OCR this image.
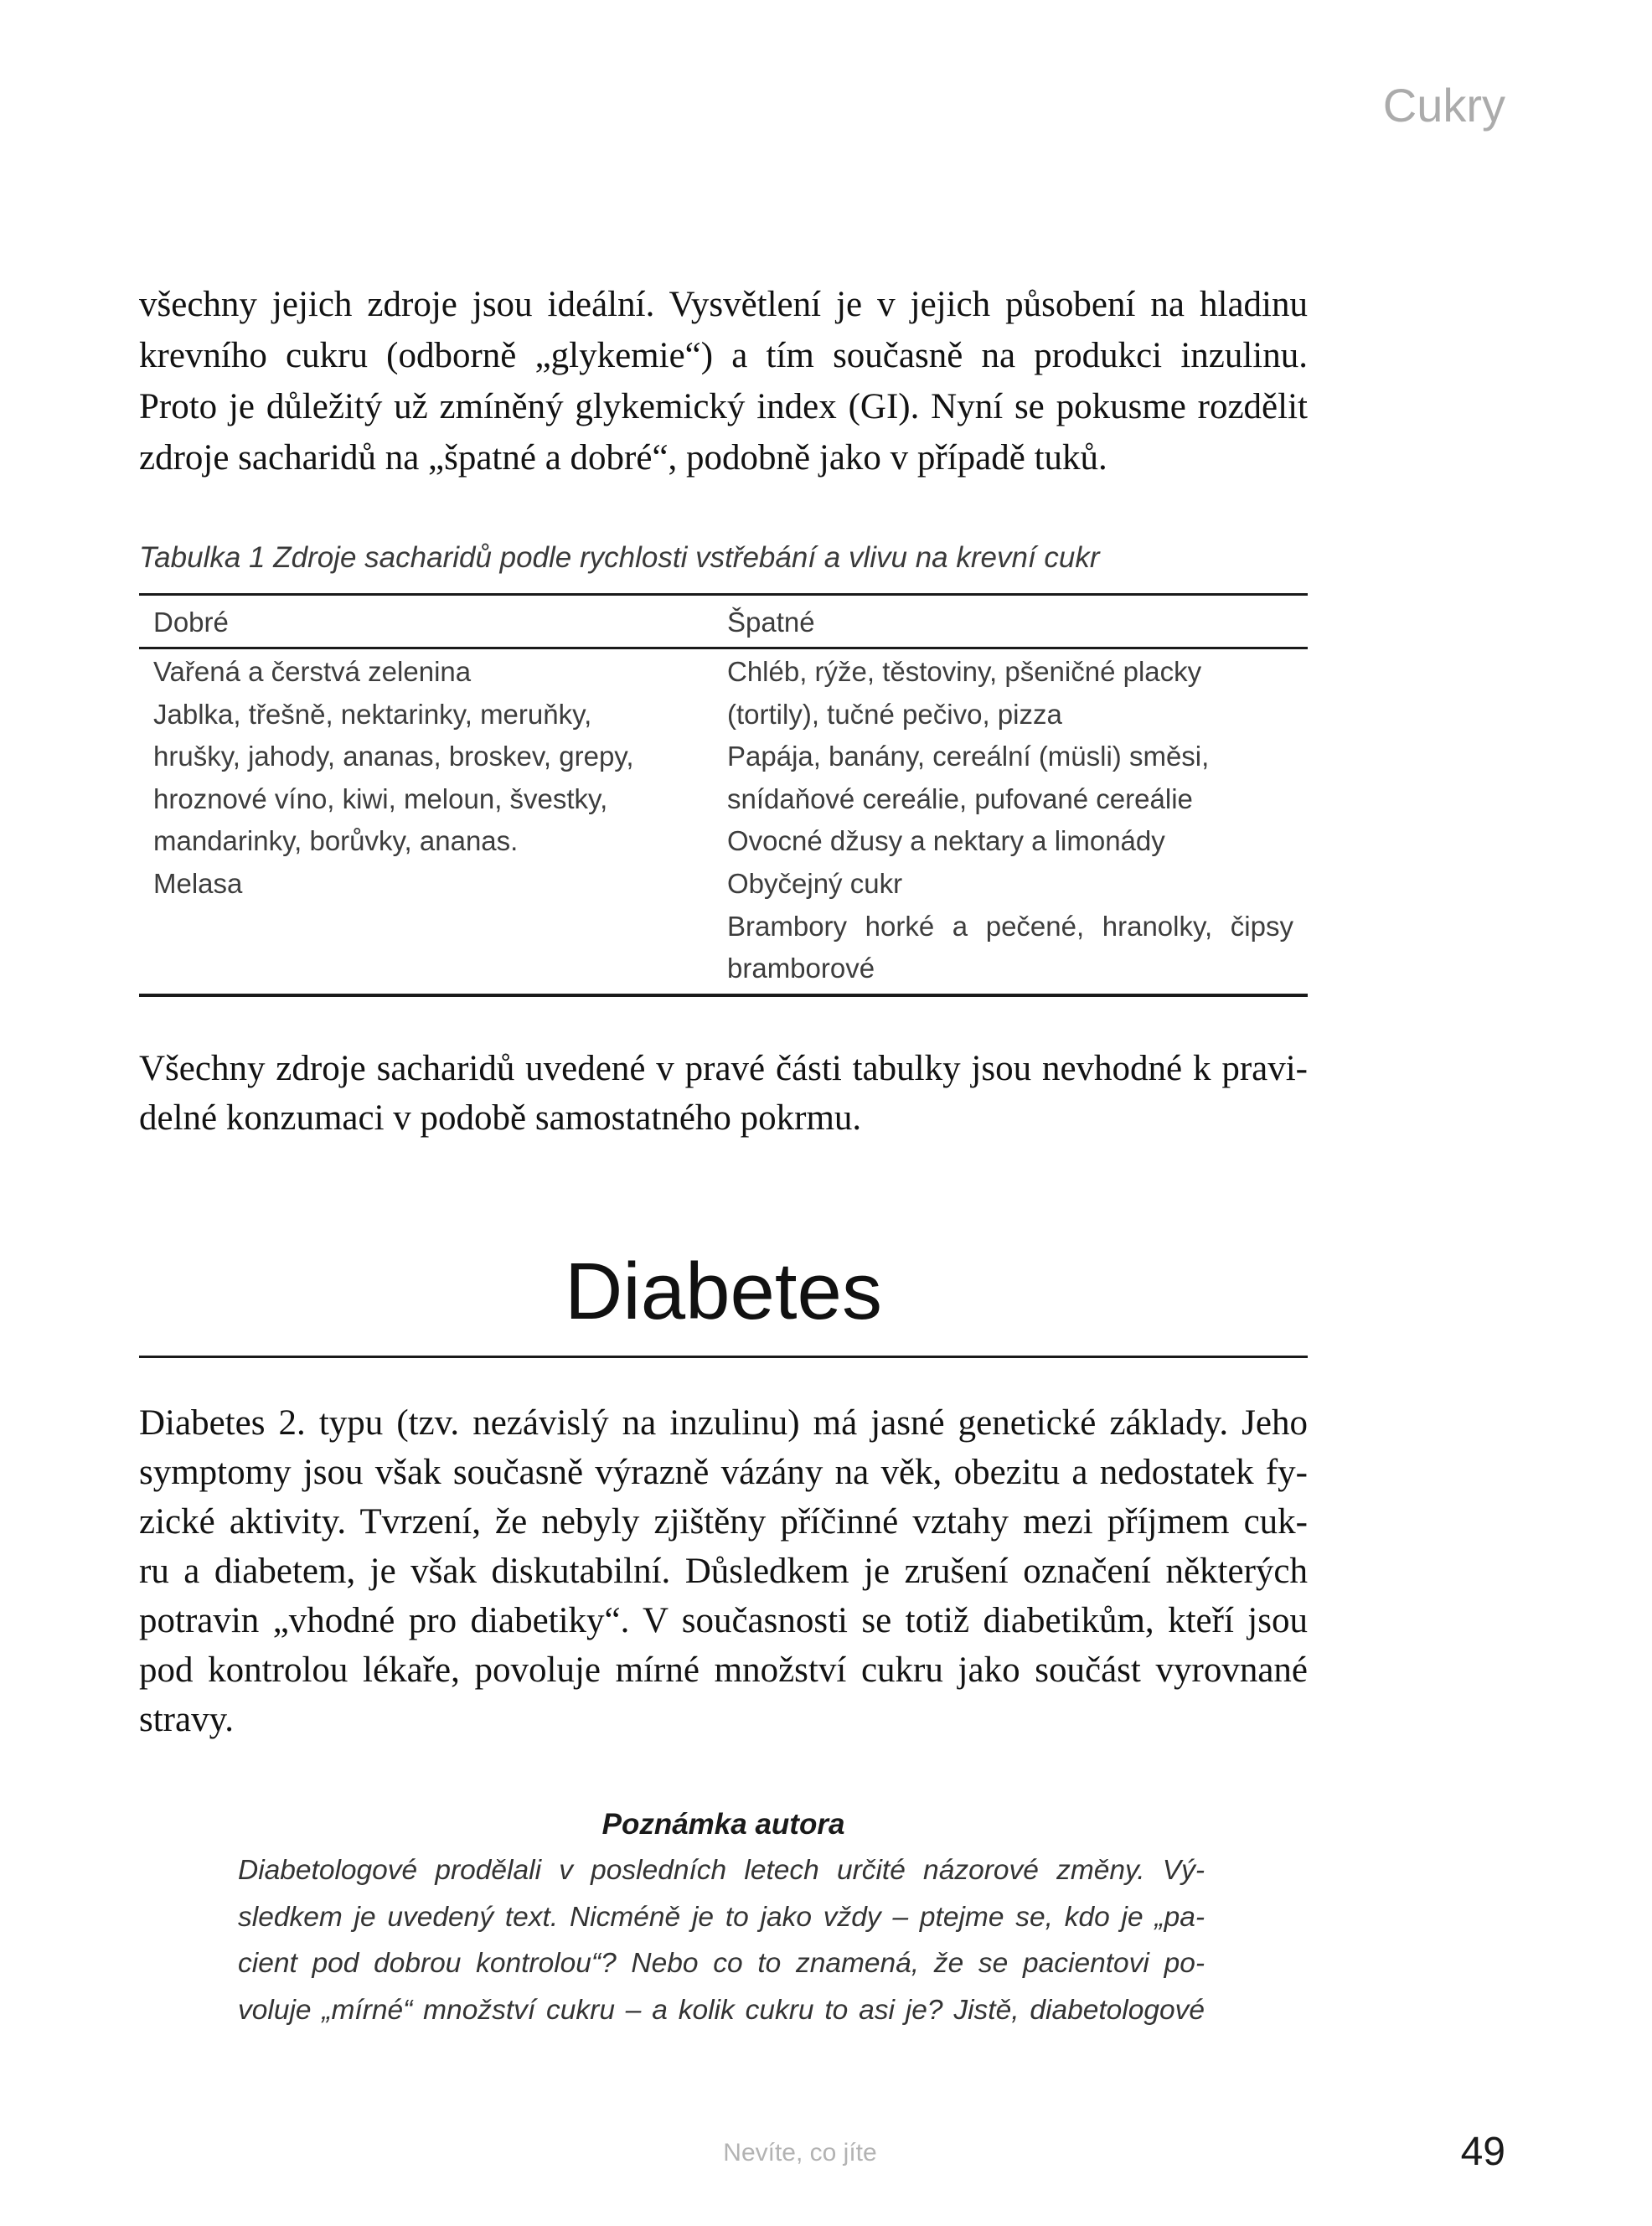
Cukry
všechny jejich zdroje jsou ideální. Vysvětlení je v jejich působení na hladinu
krevního cukru (odborně „glykemie“) a tím současně na produkci inzulinu.
Proto je důležitý už zmíněný glykemický index (GI). Nyní se pokusme rozdělit
zdroje sacharidů na „špatné a dobré“, podobně jako v případě tuků.
Tabulka 1 Zdroje sacharidů podle rychlosti vstřebání a vlivu na krevní cukr
Dobré	Špatné
Vařená a čerstvá zelenina
Jablka, třešně, nektarinky, meruňky,
hrušky, jahody, ananas, broskev, grepy,
hroznové víno, kiwi, meloun, švestky,
mandarinky, borůvky, ananas.
Melasa
Chléb, rýže, těstoviny, pšeničné placky
(tortily), tučné pečivo, pizza
Papája, banány, cereální (müsli) směsi,
snídaňové cereálie, pufované cereálie
Ovocné džusy a nektary a limonády
Obyčejný cukr
Brambory horké a pečené, hranolky, čipsy
bramborové
Všechny zdroje sacharidů uvedené v pravé části tabulky jsou nevhodné k pravi-
delné konzumaci v podobě samostatného pokrmu.
Diabetes
Diabetes 2. typu (tzv. nezávislý na inzulinu) má jasné genetické základy. Jeho
symptomy jsou však současně výrazně vázány na věk, obezitu a nedostatek fy-
zické aktivity. Tvrzení, že nebyly zjištěny příčinné vztahy mezi příjmem cuk-
ru a diabetem, je však diskutabilní. Důsledkem je zrušení označení některých
potravin „vhodné pro diabetiky“. V současnosti se totiž diabetikům, kteří jsou
pod kontrolou lékaře, povoluje mírné množství cukru jako součást vyrovnané
stravy.
Poznámka autora
Diabetologové prodělali v posledních letech určité názorové změny. Vý-
sledkem je uvedený text. Nicméně je to jako vždy – ptejme se, kdo je „pa-
cient pod dobrou kontrolou“? Nebo co to znamená, že se pacientovi po-
voluje „mírné“ množství cukru – a kolik cukru to asi je? Jistě, diabetologové
Nevíte, co jíte	49
